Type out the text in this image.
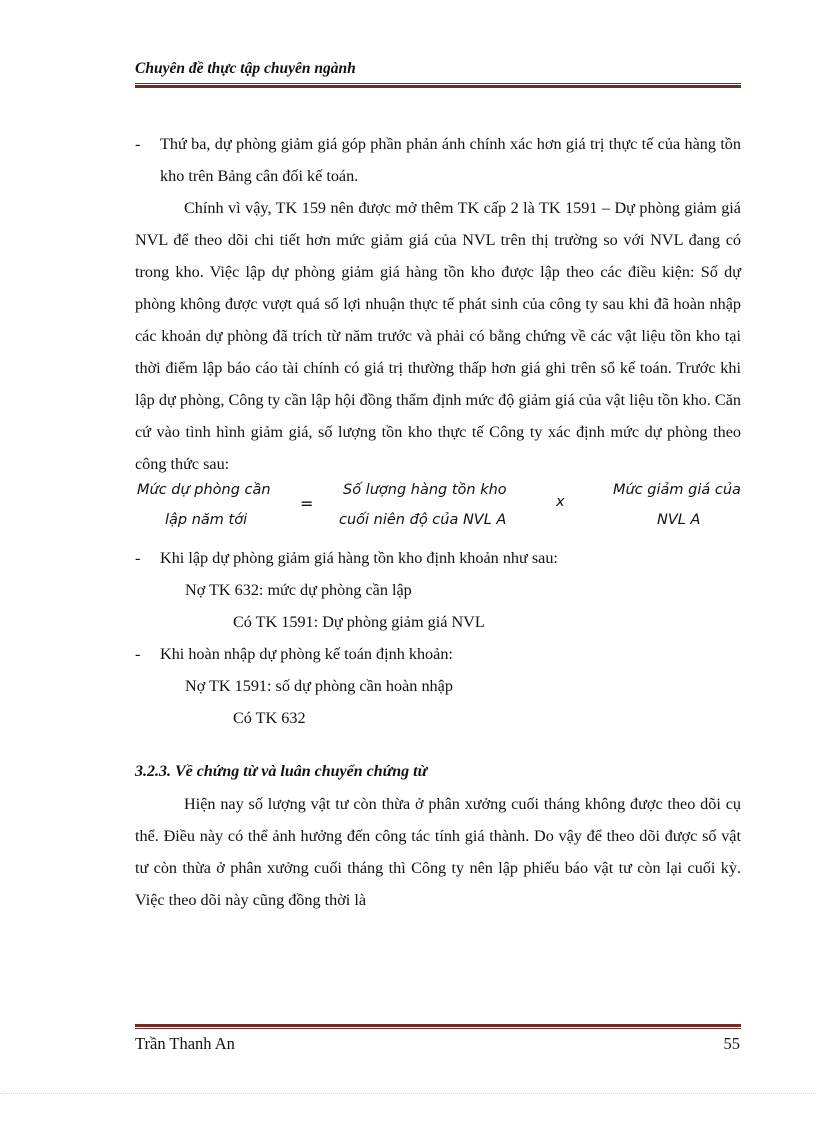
Chuyên đề thực tập chuyên ngành

- Thứ ba, dự phòng giảm giá góp phần phản ánh chính xác hơn giá trị thực tế của hàng tồn kho trên Bảng cân đối kế toán.

Chính vì vậy, TK 159 nên được mở thêm TK cấp 2 là TK 1591 – Dự phòng giảm giá NVL để theo dõi chi tiết hơn mức giảm giá của NVL trên thị trường so với NVL đang có trong kho. Việc lập dự phòng giảm giá hàng tồn kho được lập theo các điều kiện: Số dự phòng không được vượt quá số lợi nhuận thực tế phát sinh của công ty sau khi đã hoàn nhập các khoản dự phòng đã trích từ năm trước và phải có bằng chứng về các vật liệu tồn kho tại thời điểm lập báo cáo tài chính có giá trị thường thấp hơn giá ghi trên sổ kế toán. Trước khi lập dự phòng, Công ty cần lập hội đồng thẩm định mức độ giảm giá của vật liệu tồn kho. Căn cứ vào tình hình giảm giá, số lượng tồn kho thực tế Công ty xác định mức dự phòng theo công thức sau:

Mức dự phòng cần
lập năm tới
=
Số lượng hàng tồn kho
cuối niên độ của NVL A
x
Mức giảm giá của
NVL A

- Khi lập dự phòng giảm giá hàng tồn kho định khoản như sau:

Nợ TK 632: mức dự phòng cần lập

Có TK 1591: Dự phòng giảm giá NVL

- Khi hoàn nhập dự phòng kế toán định khoản:

Nợ TK 1591: số dự phòng cần hoàn nhập

Có TK 632

3.2.3. Về chứng từ và luân chuyển chứng từ

Hiện nay số lượng vật tư còn thừa ở phân xưởng cuối tháng không được theo dõi cụ thể. Điều này có thể ảnh hưởng đến công tác tính giá thành. Do vậy để theo dõi được số vật tư còn thừa ở phân xưởng cuối tháng thì Công ty nên lập phiếu báo vật tư còn lại cuối kỳ. Việc theo dõi này cũng đồng thời là

Trần Thanh An	55
